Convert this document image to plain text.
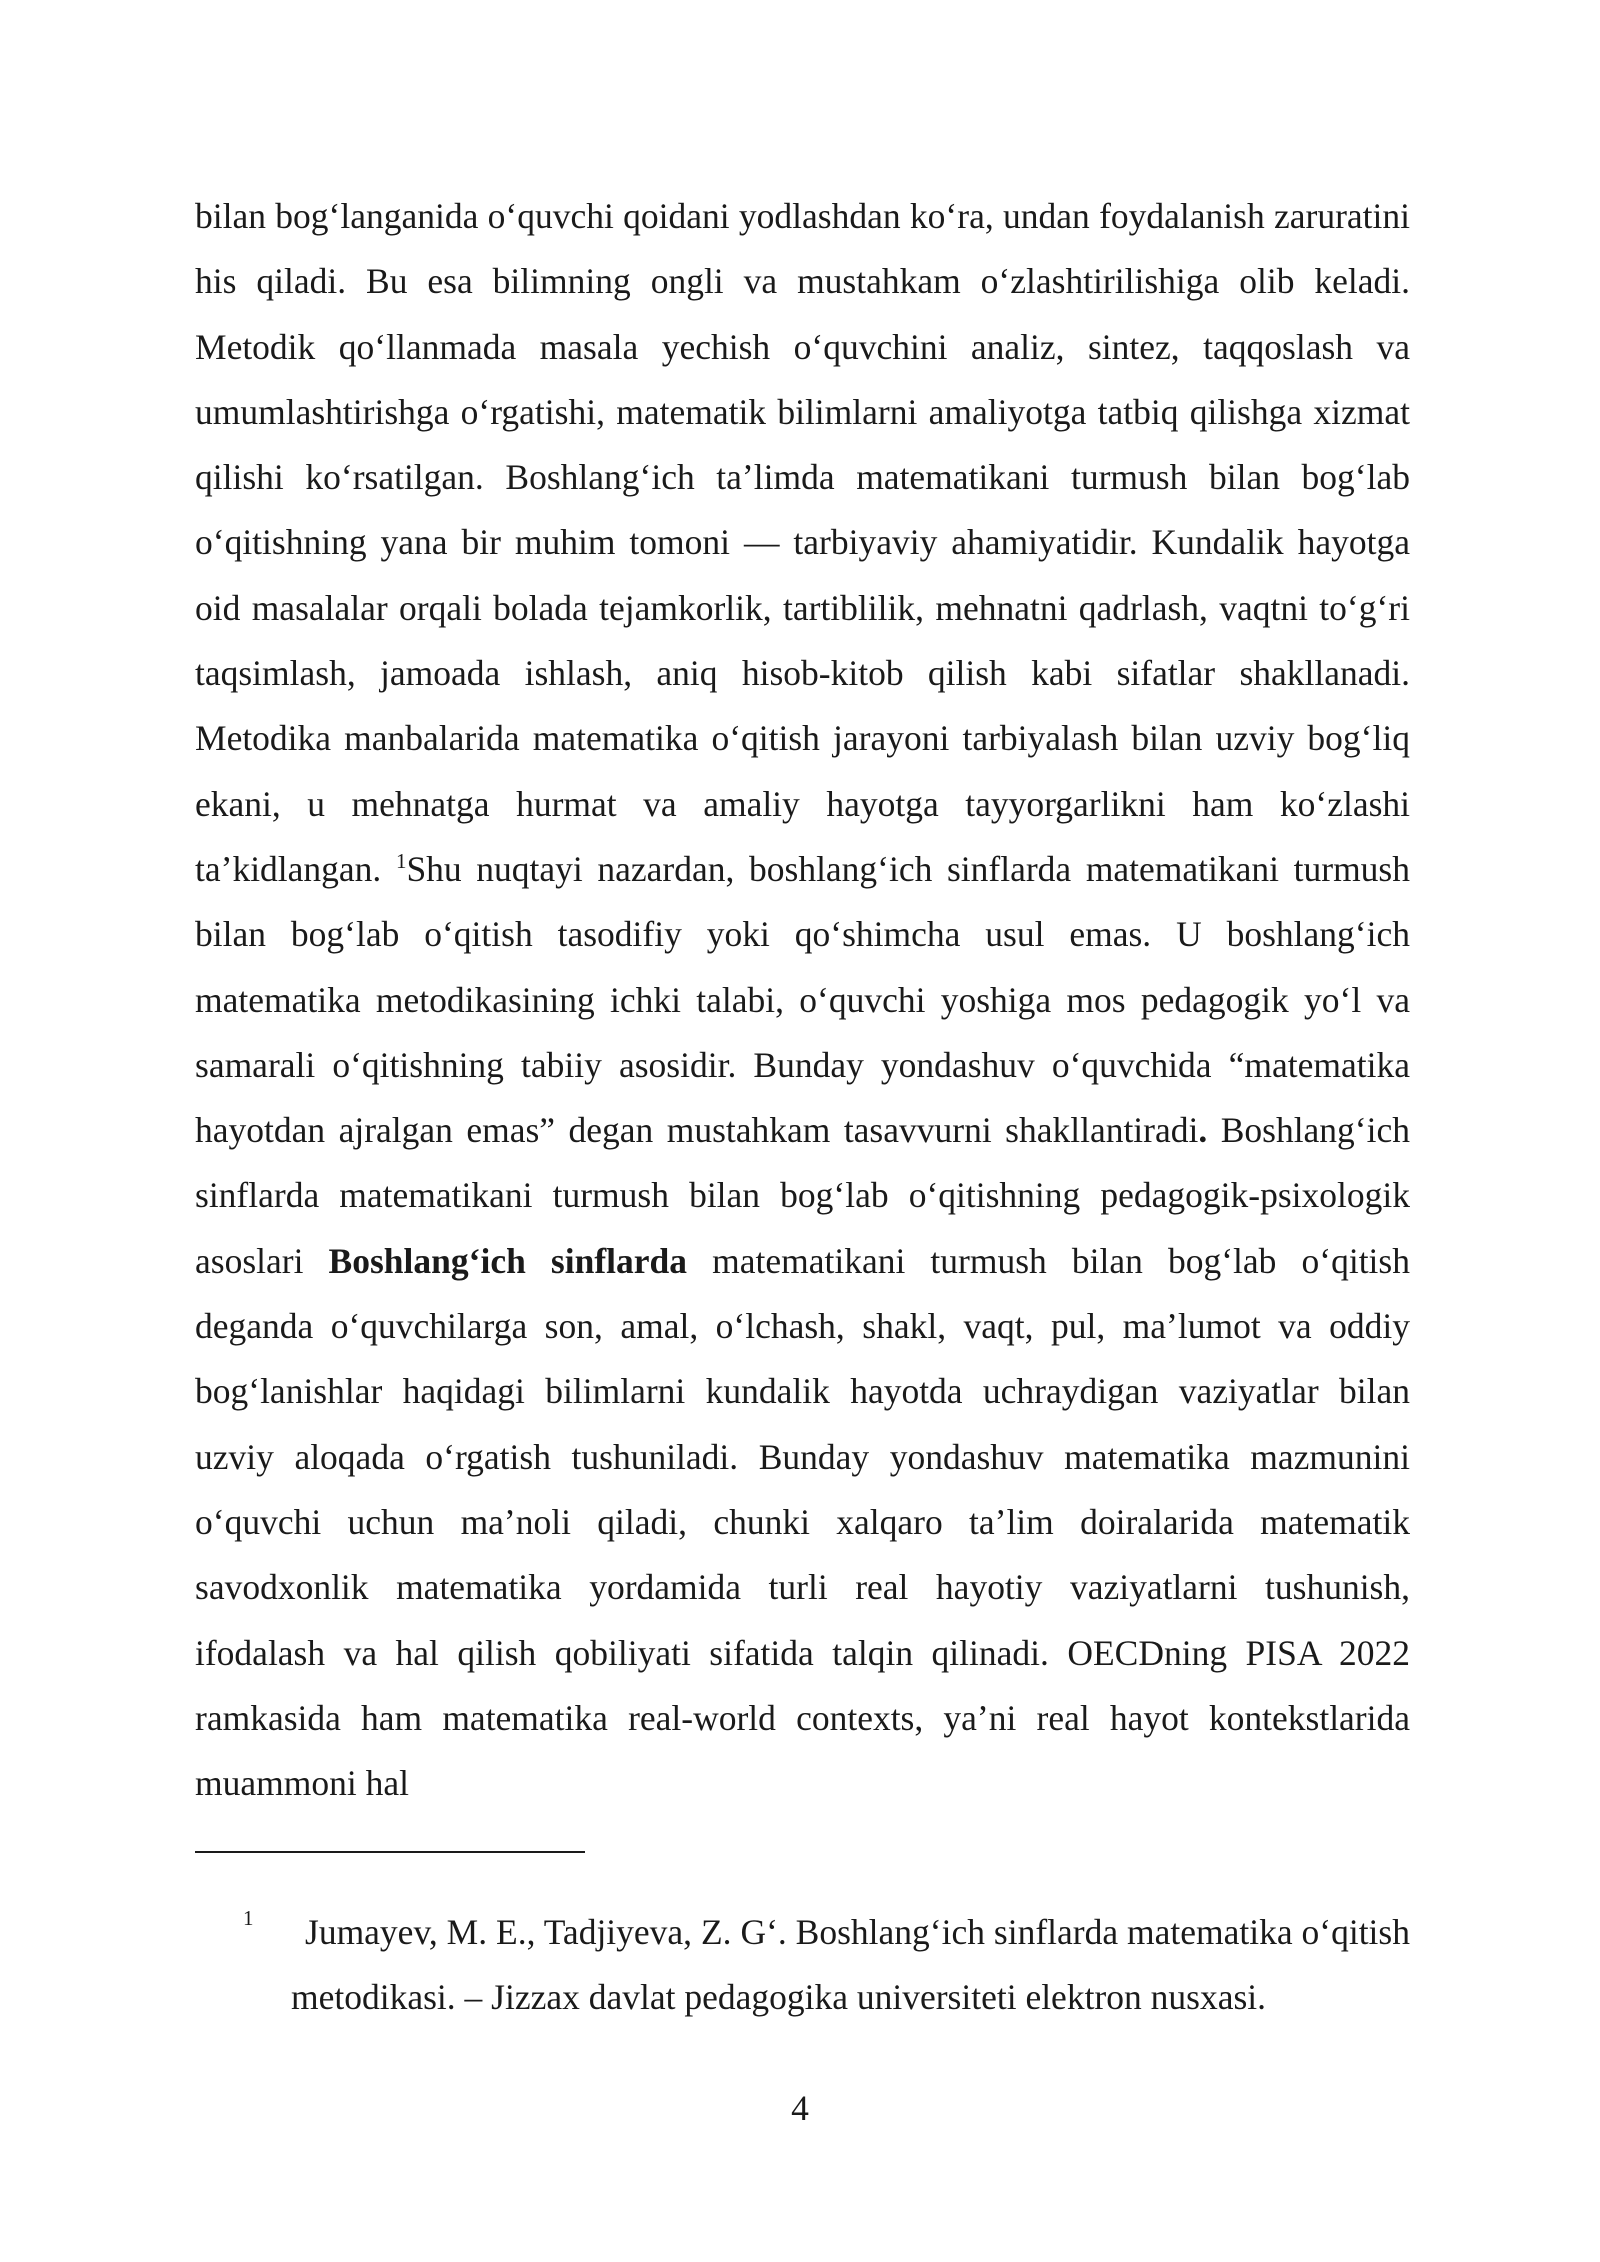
bilan bogʻlanganida oʻquvchi qoidani yodlashdan koʻra, undan foydalanish zaruratini his qiladi. Bu esa bilimning ongli va mustahkam oʻzlashtirilishiga olib keladi. Metodik qoʻllanmada masala yechish oʻquvchini analiz, sintez, taqqoslash va umumlashtirishga oʻrgatishi, matematik bilimlarni amaliyotga tatbiq qilishga xizmat qilishi koʻrsatilgan. Boshlangʻich taʼlimda matematikani turmush bilan bogʻlab oʻqitishning yana bir muhim tomoni — tarbiyaviy ahamiyatidir. Kundalik hayotga oid masalalar orqali bolada tejamkorlik, tartiblilik, mehnatni qadrlash, vaqtni toʻgʻri taqsimlash, jamoada ishlash, aniq hisob-kitob qilish kabi sifatlar shakllanadi. Metodika manbalarida matematika oʻqitish jarayoni tarbiyalash bilan uzviy bogʻliq ekani, u mehnatga hurmat va amaliy hayotga tayyorgarlikni ham koʻzlashi taʼkidlangan. $^1$Shu nuqtayi nazardan, boshlangʻich sinflarda matematikani turmush bilan bogʻlab oʻqitish tasodifiy yoki qoʻshimcha usul emas. U boshlangʻich matematika metodikasining ichki talabi, oʻquvchi yoshiga mos pedagogik yoʻl va samarali oʻqitishning tabiiy asosidir. Bunday yondashuv oʻquvchida “matematika hayotdan ajralgan emas” degan mustahkam tasavvurni shakllantiradi. Boshlangʻich sinflarda matematikani turmush bilan bogʻlab oʻqitishning pedagogik-psixologik asoslari Boshlangʻich sinflarda matematikani turmush bilan bogʻlab oʻqitish deganda oʻquvchilarga son, amal, oʻlchash, shakl, vaqt, pul, maʼlumot va oddiy bogʻlanishlar haqidagi bilimlarni kundalik hayotda uchraydigan vaziyatlar bilan uzviy aloqada oʻrgatish tushuniladi. Bunday yondashuv matematika mazmunini oʻquvchi uchun maʼnoli qiladi, chunki xalqaro taʼlim doiralarida matematik savodxonlik matematika yordamida turli real hayotiy vaziyatlarni tushunish, ifodalash va hal qilish qobiliyati sifatida talqin qilinadi. OECDning PISA 2022 ramkasida ham matematika real-world contexts, yaʼni real hayot kontekstlarida muammoni hal

1	Jumayev, M. E., Tadjiyeva, Z. Gʻ. Boshlangʻich sinflarda matematika oʻqitish metodikasi. – Jizzax davlat pedagogika universiteti elektron nusxasi.
4
